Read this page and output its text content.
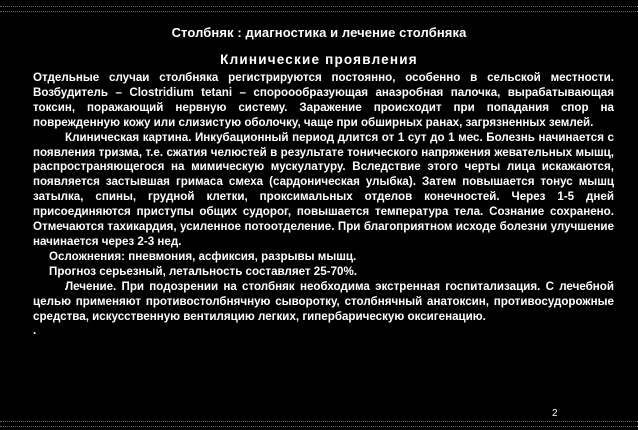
Столбняк : диагностика и лечение столбняка
Клинические проявления

Отдельные случаи столбняка регистрируются постоянно, особенно в сельской местности. Возбудитель – Clostridium tetani – спороообразующая анаэробная палочка, вырабатывающая токсин, поражающий нервную систему. Заражение происходит при попадания спор на поврежденную кожу или слизистую оболочку, чаще при обширных ранах, загрязненных землей.

Клиническая картина. Инкубационный период длится от 1 сут до 1 мес. Болезнь начинается с появления тризма, т.е. сжатия челюстей в результате тонического напряжения жевательных мышц, распространяющегося на мимическую мускулатуру. Вследствие этого черты лица искажаются, появляется застывшая гримаса смеха (сардоническая улыбка). Затем повышается тонус мышц затылка, спины, грудной клетки, проксимальных отделов конечностей. Через 1-5 дней присоединяются приступы общих судорог, повышается температура тела. Сознание сохранено. Отмечаются тахикардия, усиленное потоотделение. При благоприятном исходе болезни улучшение начинается через 2-3 нед.

Осложнения: пневмония, асфиксия, разрывы мышц.

Прогноз серьезный, летальность составляет 25-70%.

Лечение. При подозрении на столбняк необходима экстренная госпитализация. С лечебной целью применяют противостолбнячную сыворотку, столбнячный анатоксин, противосудорожные средства, искусственную вентиляцию легких, гипербарическую оксигенацию.

.

2
